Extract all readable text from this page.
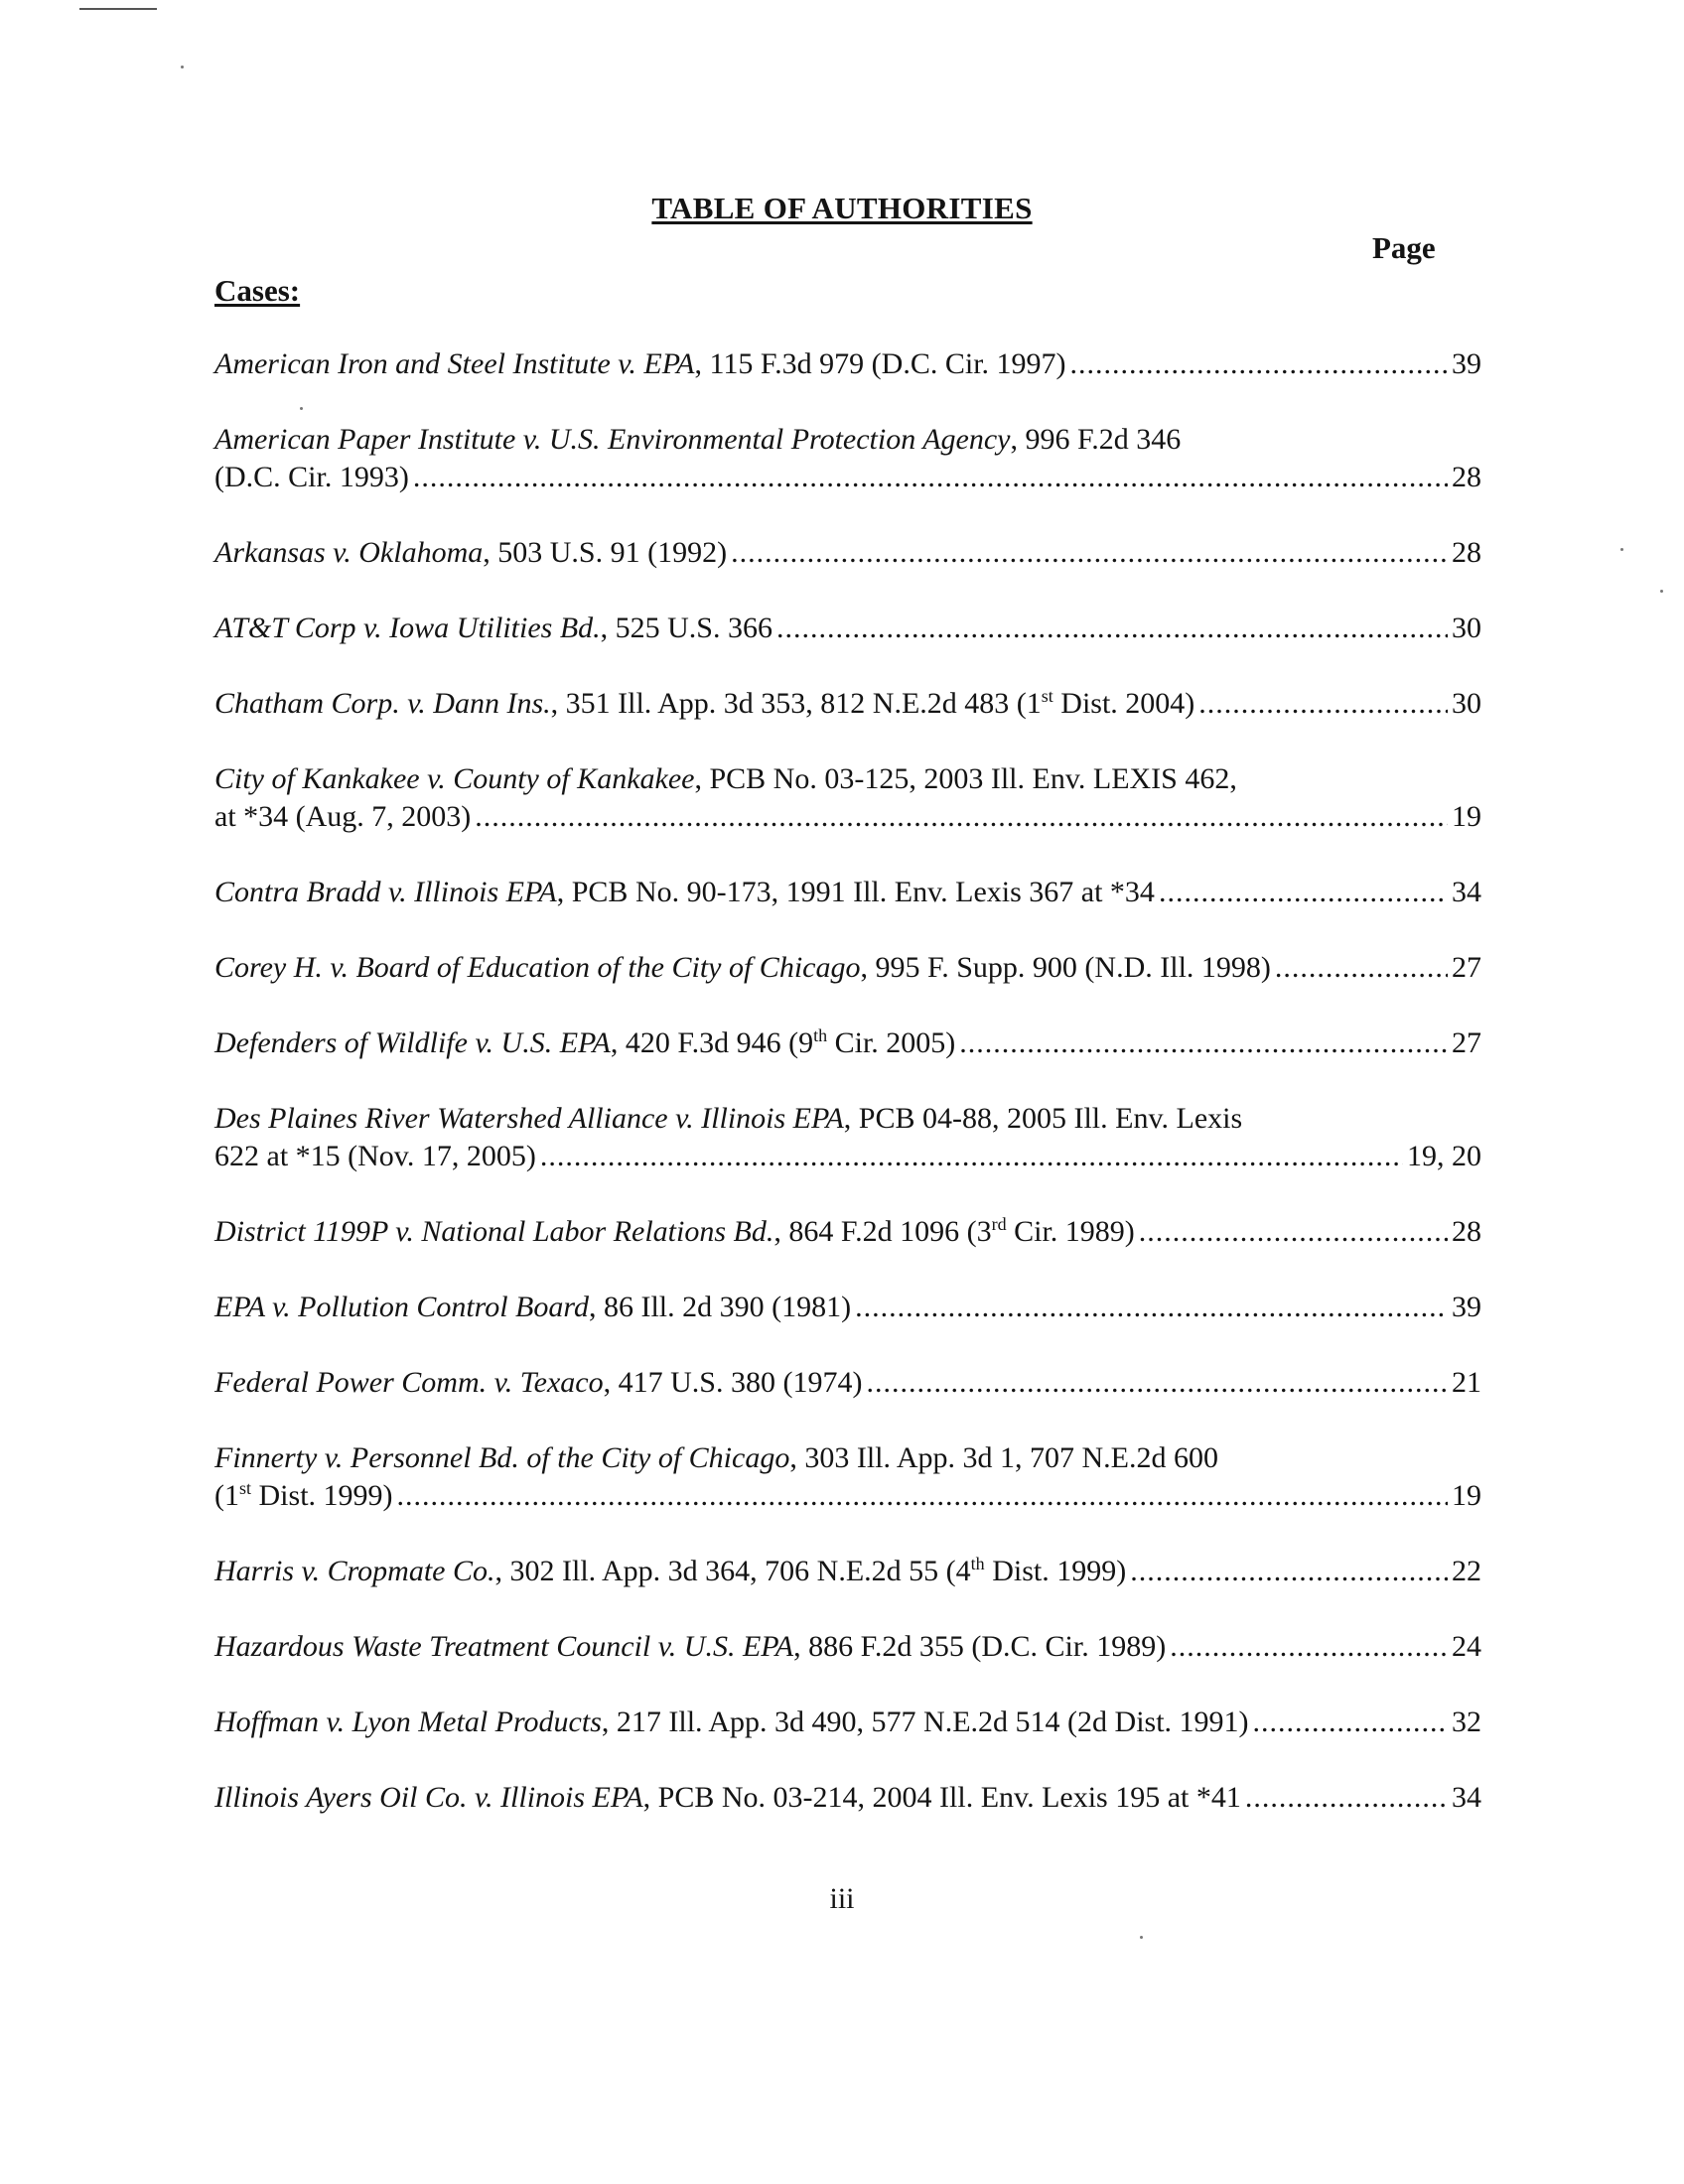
TABLE OF AUTHORITIES
Page
Cases:
American Iron and Steel Institute v. EPA, 115 F.3d 979 (D.C. Cir. 1997) .....	39
American Paper Institute v. U.S. Environmental Protection Agency, 996 F.2d 346
(D.C. Cir. 1993) .....	28
Arkansas v. Oklahoma, 503 U.S. 91 (1992) .....	28
AT&T Corp v. Iowa Utilities Bd., 525 U.S. 366 .....	30
Chatham Corp. v. Dann Ins., 351 Ill. App. 3d 353, 812 N.E.2d 483 (1st Dist. 2004) .....	30
City of Kankakee v. County of Kankakee, PCB No. 03-125, 2003 Ill. Env. LEXIS 462,
at *34 (Aug. 7, 2003) .....	19
Contra Bradd v. Illinois EPA, PCB No. 90-173, 1991 Ill. Env. Lexis 367 at *34 .....	34
Corey H. v. Board of Education of the City of Chicago, 995 F. Supp. 900 (N.D. Ill. 1998) .....	27
Defenders of Wildlife v. U.S. EPA, 420 F.3d 946 (9th Cir. 2005) .....	27
Des Plaines River Watershed Alliance v. Illinois EPA, PCB 04-88, 2005 Ill. Env. Lexis
622 at *15 (Nov. 17, 2005) .....	19, 20
District 1199P v. National Labor Relations Bd., 864 F.2d 1096 (3rd Cir. 1989) .....	28
EPA v. Pollution Control Board, 86 Ill. 2d 390 (1981) .....	39
Federal Power Comm. v. Texaco, 417 U.S. 380 (1974) .....	21
Finnerty v. Personnel Bd. of the City of Chicago, 303 Ill. App. 3d 1, 707 N.E.2d 600
(1st Dist. 1999) .....	19
Harris v. Cropmate Co., 302 Ill. App. 3d 364, 706 N.E.2d 55 (4th Dist. 1999) .....	22
Hazardous Waste Treatment Council v. U.S. EPA, 886 F.2d 355 (D.C. Cir. 1989) .....	24
Hoffman v. Lyon Metal Products, 217 Ill. App. 3d 490, 577 N.E.2d 514 (2d Dist. 1991) .....	32
Illinois Ayers Oil Co. v. Illinois EPA, PCB No. 03-214, 2004 Ill. Env. Lexis 195 at *41 .....	34
iii
